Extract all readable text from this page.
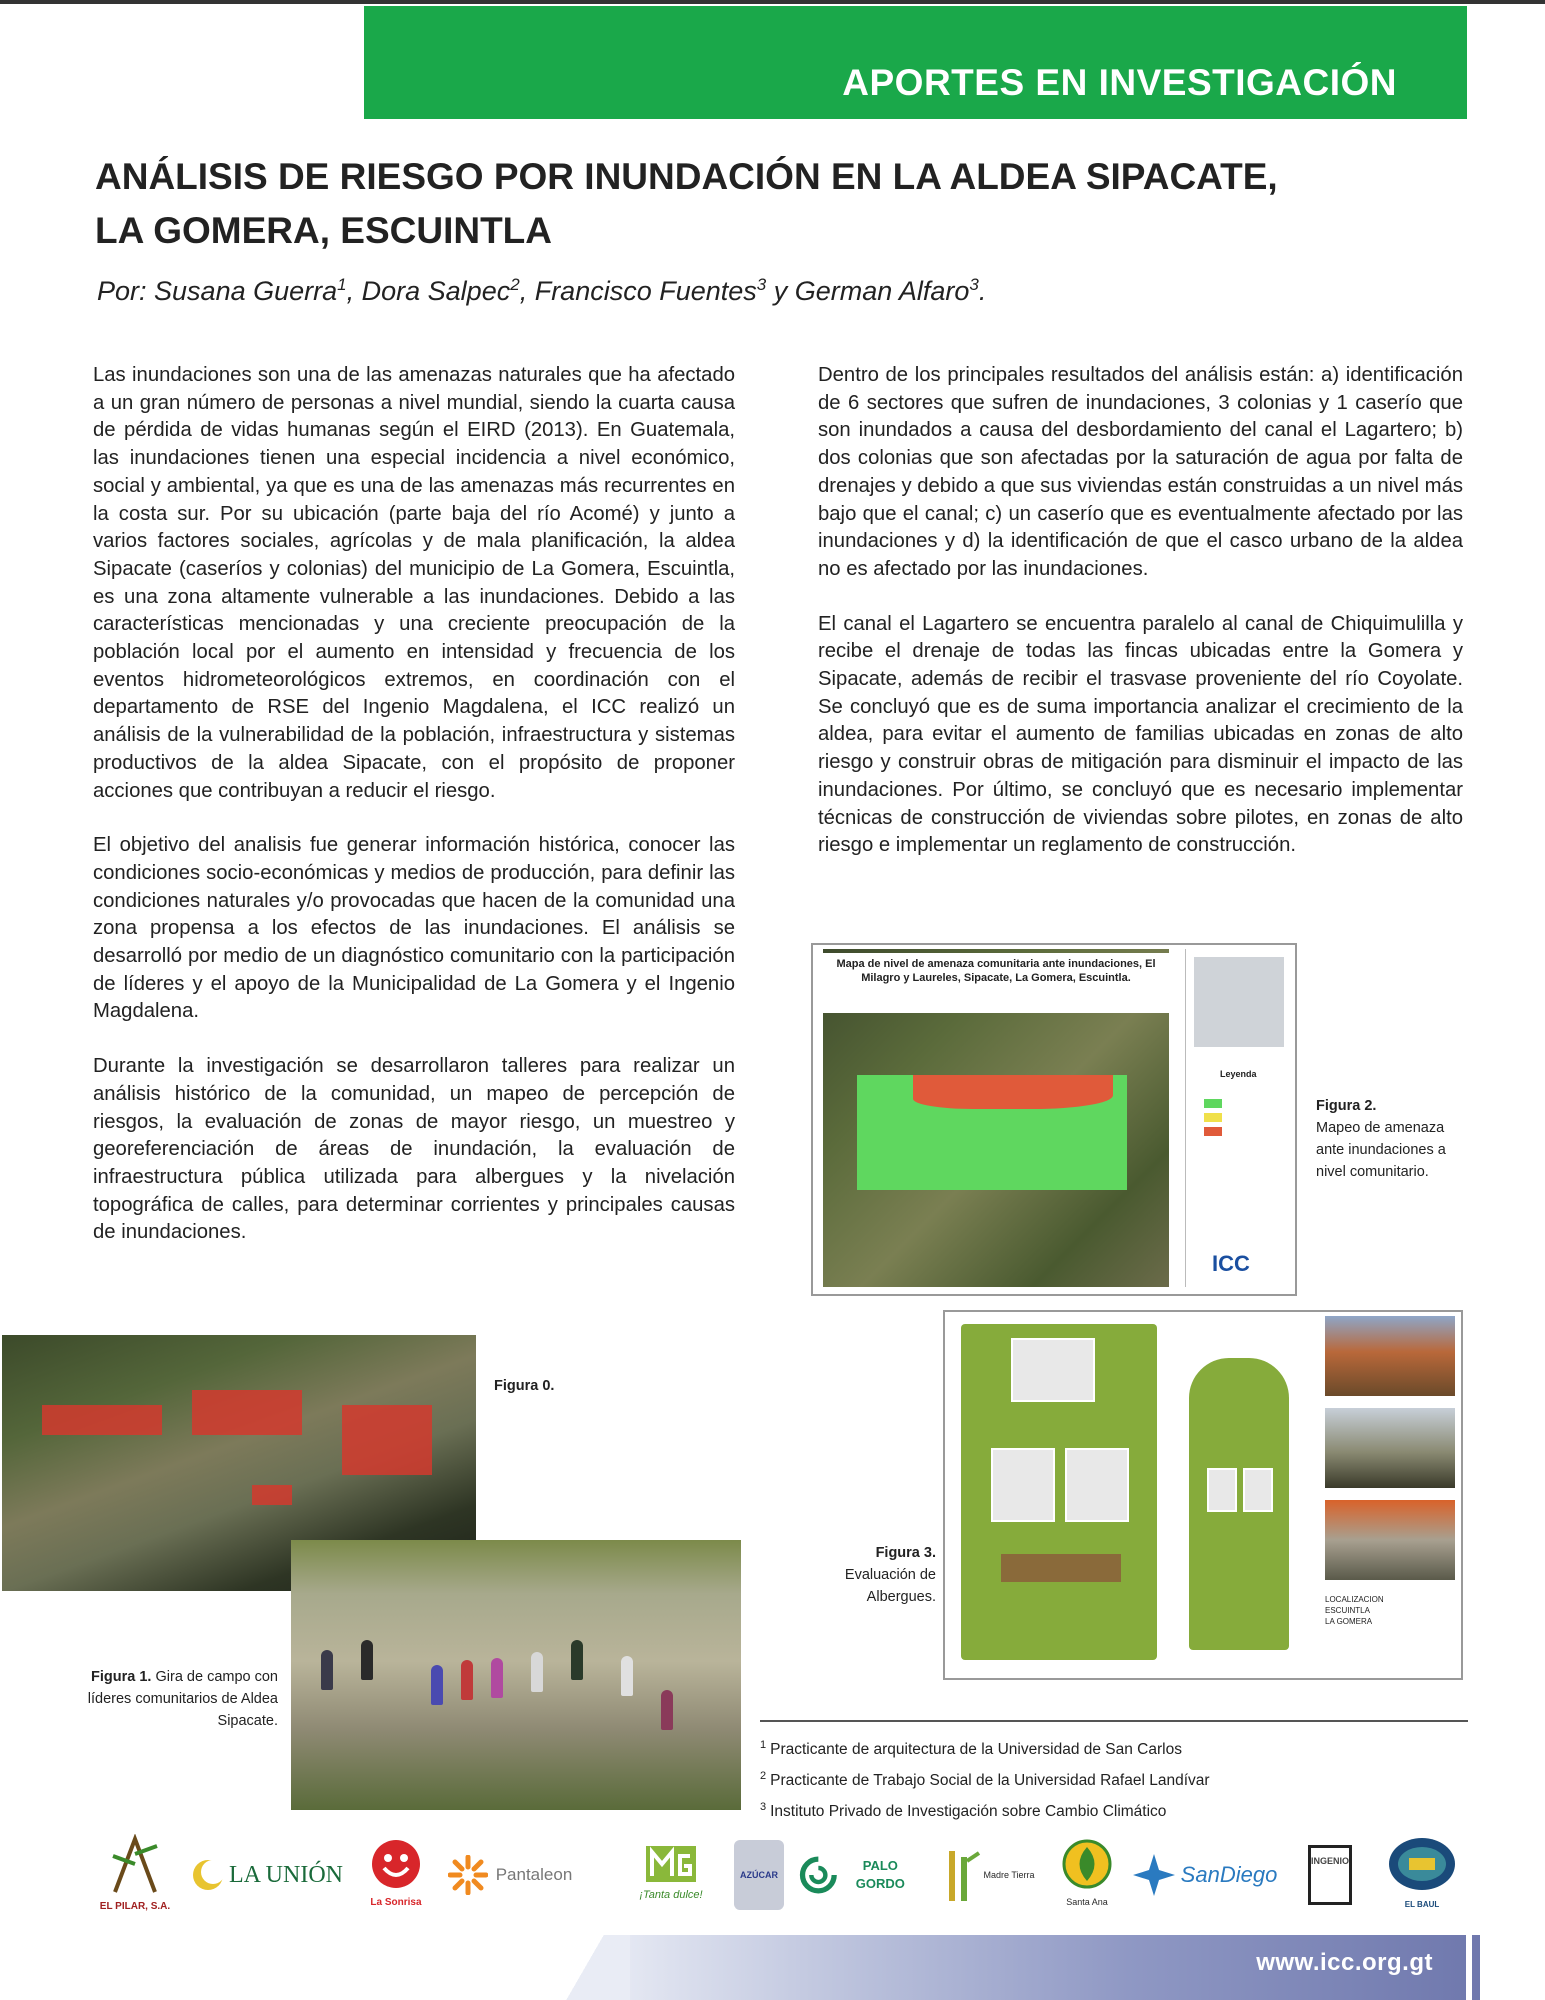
APORTES EN INVESTIGACIÓN
ANÁLISIS DE RIESGO POR INUNDACIÓN EN LA ALDEA SIPACATE,
LA GOMERA, ESCUINTLA
Por: Susana Guerra$^1$, Dora Salpec$^2$, Francisco Fuentes$^3$ y German Alfaro$^3$.

Las inundaciones son una de las amenazas naturales que ha afectado a un gran número de personas a nivel mundial, siendo la cuarta causa de pérdida de vidas humanas según el EIRD (2013). En Guatemala, las inundaciones tienen una especial incidencia a nivel económico, social y ambiental, ya que es una de las amenazas más recurrentes en la costa sur. Por su ubicación (parte baja del río Acomé) y junto a varios factores sociales, agrícolas y de mala planificación, la aldea Sipacate (caseríos y colonias) del municipio de La Gomera, Escuintla, es una zona altamente vulnerable a las inundaciones. Debido a las características mencionadas y una creciente preocupación de la población local por el aumento en intensidad y frecuencia de los eventos hidrometeorológicos extremos, en coordinación con el departamento de RSE del Ingenio Magdalena, el ICC realizó un análisis de la vulnerabilidad de la población, infraestructura y sistemas productivos de la aldea Sipacate, con el propósito de proponer acciones que contribuyan a reducir el riesgo.

El objetivo del analisis fue generar información histórica, conocer las condiciones socio-económicas y medios de producción, para definir las condiciones naturales y/o provocadas que hacen de la comunidad una zona propensa a los efectos de las inundaciones. El análisis se desarrolló por medio de un diagnóstico comunitario con la participación de líderes y el apoyo de la Municipalidad de La Gomera y el Ingenio Magdalena.

Durante la investigación se desarrollaron talleres para realizar un análisis histórico de la comunidad, un mapeo de percepción de riesgos, la evaluación de zonas de mayor riesgo, un muestreo y georeferenciación de áreas de inundación, la evaluación de infraestructura pública utilizada para albergues y la nivelación topográfica de calles, para determinar corrientes y principales causas de inundaciones.

Dentro de los principales resultados del análisis están: a) identificación de 6 sectores que sufren de inundaciones, 3 colonias y 1 caserío que son inundados a causa del desbordamiento del canal el Lagartero; b) dos colonias que son afectadas por la saturación de agua por falta de drenajes y debido a que sus viviendas están construidas a un nivel más bajo que el canal; c) un caserío que es eventualmente afectado por las inundaciones y d) la identificación de que el casco urbano de la aldea no es afectado por las inundaciones.

El canal el Lagartero se encuentra paralelo al canal de Chiquimulilla y recibe el drenaje de todas las fincas ubicadas entre la Gomera y Sipacate, además de recibir el trasvase proveniente del río Coyolate. Se concluyó que es de suma importancia analizar el crecimiento de la aldea, para evitar el aumento de familias ubicadas en zonas de alto riesgo y construir obras de mitigación para disminuir el impacto de las inundaciones. Por último, se concluyó que es necesario implementar técnicas de construcción de viviendas sobre pilotes, en zonas de alto riesgo e implementar un reglamento de construcción.

Mapa de nivel de amenaza comunitaria ante inundaciones, El Milagro y Laureles, Sipacate, La Gomera, Escuintla.
Leyenda
ICC
Figura 2.
Mapeo de amenaza ante inundaciones a nivel comunitario.
LOCALIZACION
ESCUINTLA
LA GOMERA
Figura 3.
Evaluación de Albergues.
Figura 0.
Figura 1. Gira de campo con líderes comunitarios de Aldea Sipacate.
$^1$ Practicante de arquitectura de la Universidad de San Carlos
$^2$ Practicante de Trabajo Social de la Universidad Rafael Landívar
$^3$ Instituto Privado de Investigación sobre Cambio Climático
EL PILAR, S.A.
LA UNIÓN
La Sonrisa
Pantaleon
¡Tanta dulce!
AZÚCAR
PALO GORDO
Madre Tierra
Santa Ana
SanDiego
INGENIO
EL BAUL
www.icc.org.gt
